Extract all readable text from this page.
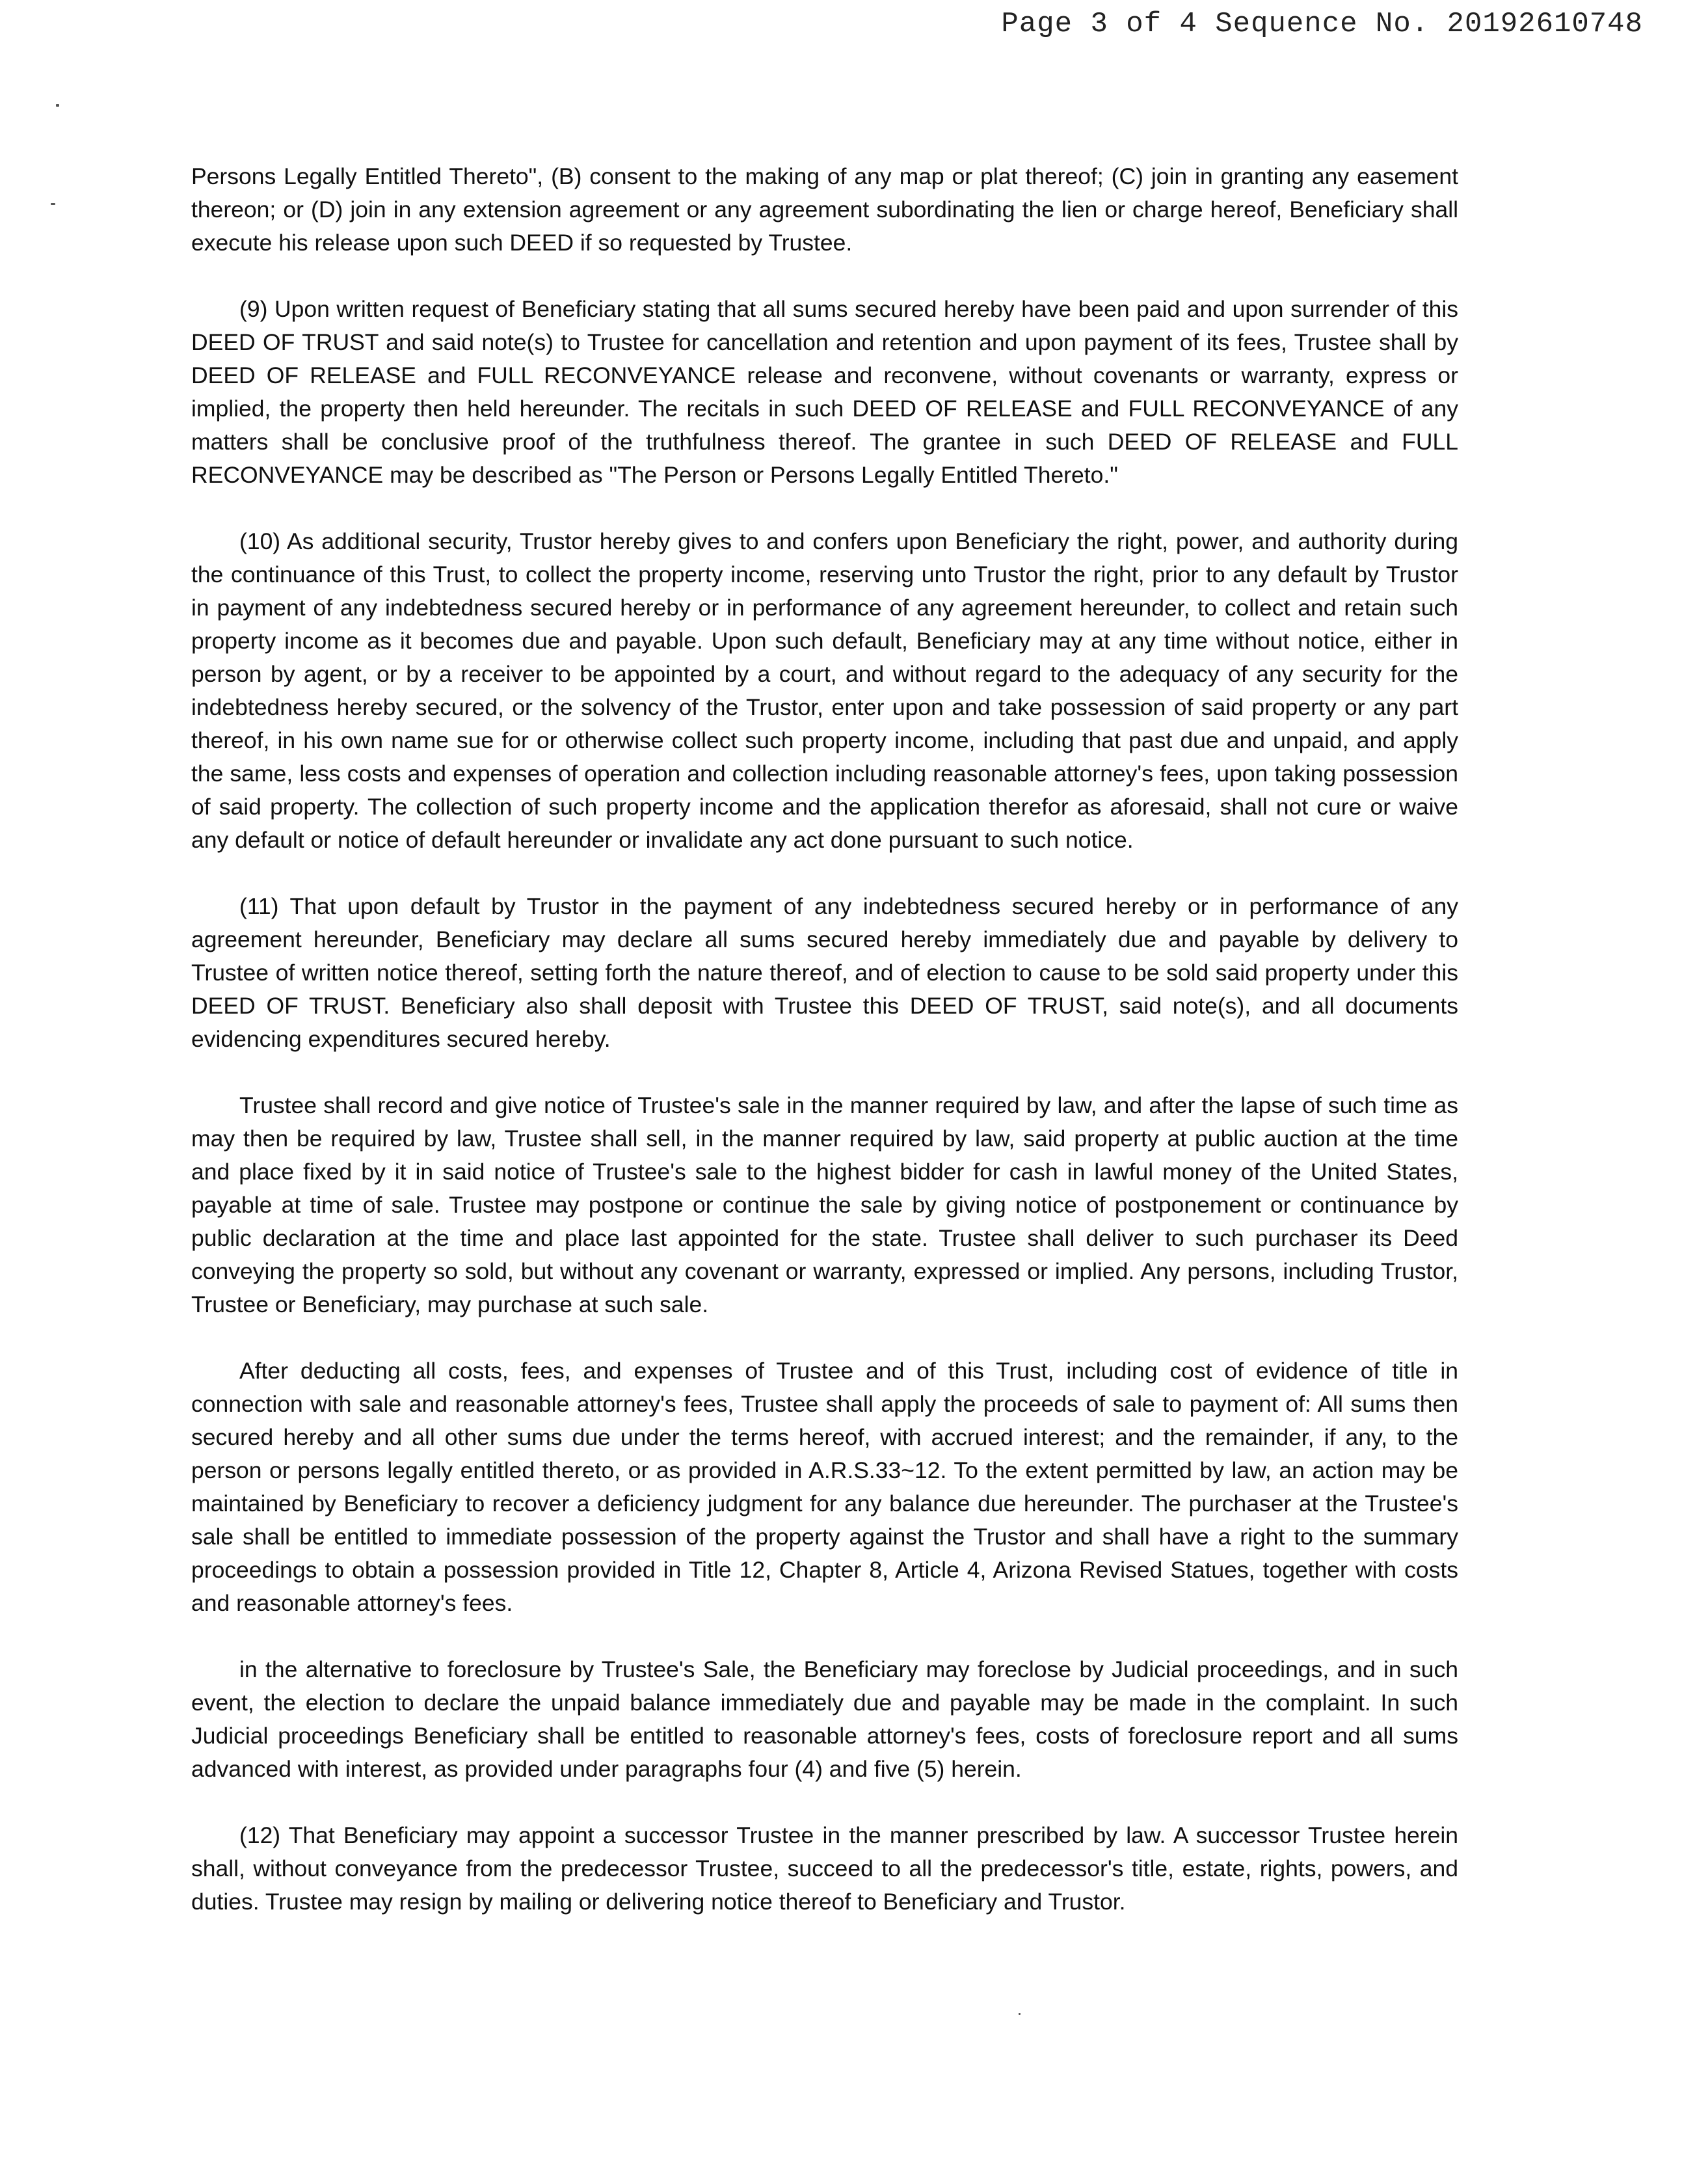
Page 3 of 4 Sequence No. 20192610748

Persons Legally Entitled Thereto", (B) consent to the making of any map or plat thereof; (C) join in granting any easement thereon; or (D) join in any extension agreement or any agreement subordinating the lien or charge hereof, Beneficiary shall execute his release upon such DEED if so requested by Trustee.

(9) Upon written request of Beneficiary stating that all sums secured hereby have been paid and upon surrender of this DEED OF TRUST and said note(s) to Trustee for cancellation and retention and upon payment of its fees, Trustee shall by DEED OF RELEASE and FULL RECONVEYANCE release and reconvene, without covenants or warranty, express or implied, the property then held hereunder. The recitals in such DEED OF RELEASE and FULL RECONVEYANCE of any matters shall be conclusive proof of the truthfulness thereof. The grantee in such DEED OF RELEASE and FULL RECONVEYANCE may be described as "The Person or Persons Legally Entitled Thereto."

(10) As additional security, Trustor hereby gives to and confers upon Beneficiary the right, power, and authority during the continuance of this Trust, to collect the property income, reserving unto Trustor the right, prior to any default by Trustor in payment of any indebtedness secured hereby or in performance of any agreement hereunder, to collect and retain such property income as it becomes due and payable. Upon such default, Beneficiary may at any time without notice, either in person by agent, or by a receiver to be appointed by a court, and without regard to the adequacy of any security for the indebtedness hereby secured, or the solvency of the Trustor, enter upon and take possession of said property or any part thereof, in his own name sue for or otherwise collect such property income, including that past due and unpaid, and apply the same, less costs and expenses of operation and collection including reasonable attorney's fees, upon taking possession of said property. The collection of such property income and the application therefor as aforesaid, shall not cure or waive any default or notice of default hereunder or invalidate any act done pursuant to such notice.

(11) That upon default by Trustor in the payment of any indebtedness secured hereby or in performance of any agreement hereunder, Beneficiary may declare all sums secured hereby immediately due and payable by delivery to Trustee of written notice thereof, setting forth the nature thereof, and of election to cause to be sold said property under this DEED OF TRUST. Beneficiary also shall deposit with Trustee this DEED OF TRUST, said note(s), and all documents evidencing expenditures secured hereby.

Trustee shall record and give notice of Trustee's sale in the manner required by law, and after the lapse of such time as may then be required by law, Trustee shall sell, in the manner required by law, said property at public auction at the time and place fixed by it in said notice of Trustee's sale to the highest bidder for cash in lawful money of the United States, payable at time of sale. Trustee may postpone or continue the sale by giving notice of postponement or continuance by public declaration at the time and place last appointed for the state. Trustee shall deliver to such purchaser its Deed conveying the property so sold, but without any covenant or warranty, expressed or implied. Any persons, including Trustor, Trustee or Beneficiary, may purchase at such sale.

After deducting all costs, fees, and expenses of Trustee and of this Trust, including cost of evidence of title in connection with sale and reasonable attorney's fees, Trustee shall apply the proceeds of sale to payment of: All sums then secured hereby and all other sums due under the terms hereof, with accrued interest; and the remainder, if any, to the person or persons legally entitled thereto, or as provided in A.R.S.33~12. To the extent permitted by law, an action may be maintained by Beneficiary to recover a deficiency judgment for any balance due hereunder. The purchaser at the Trustee's sale shall be entitled to immediate possession of the property against the Trustor and shall have a right to the summary proceedings to obtain a possession provided in Title 12, Chapter 8, Article 4, Arizona Revised Statues, together with costs and reasonable attorney's fees.

in the alternative to foreclosure by Trustee's Sale, the Beneficiary may foreclose by Judicial proceedings, and in such event, the election to declare the unpaid balance immediately due and payable may be made in the complaint. In such Judicial proceedings Beneficiary shall be entitled to reasonable attorney's fees, costs of foreclosure report and all sums advanced with interest, as provided under paragraphs four (4) and five (5) herein.

(12) That Beneficiary may appoint a successor Trustee in the manner prescribed by law. A successor Trustee herein shall, without conveyance from the predecessor Trustee, succeed to all the predecessor's title, estate, rights, powers, and duties. Trustee may resign by mailing or delivering notice thereof to Beneficiary and Trustor.
